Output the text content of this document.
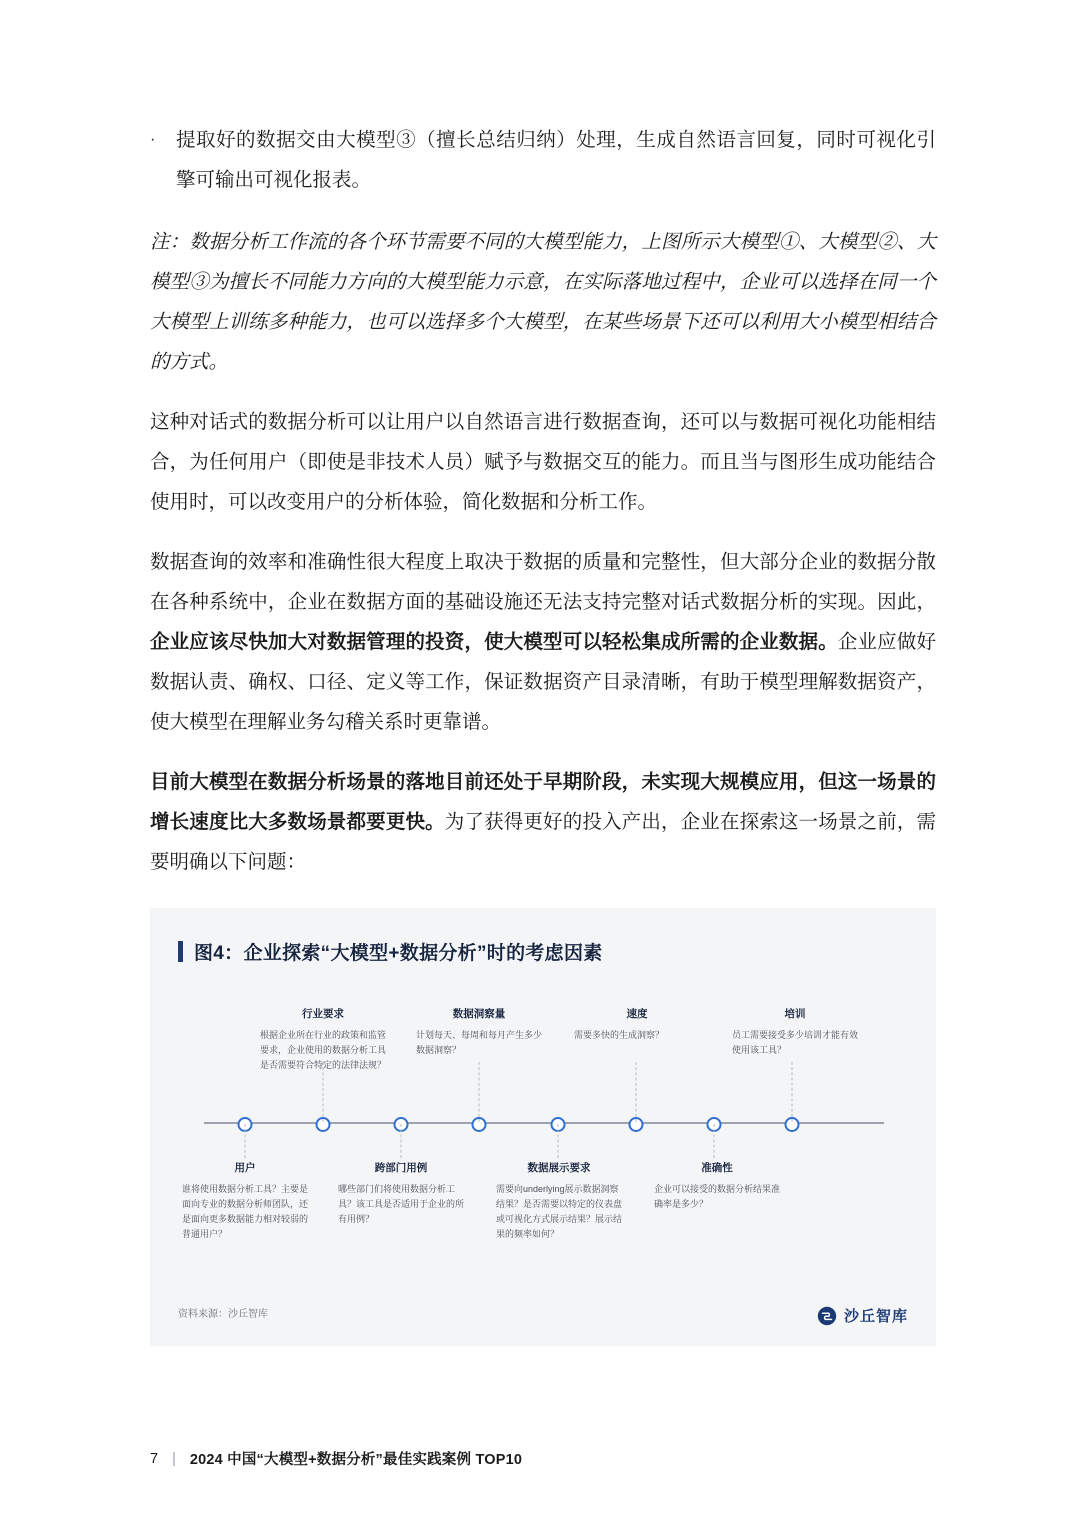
·	提取好的数据交由大模型③（擅长总结归纳）处理，生成自然语言回复，同时可视化引擎可输出可视化报表。
注：数据分析工作流的各个环节需要不同的大模型能力，上图所示大模型①、大模型②、大模型③为擅长不同能力方向的大模型能力示意，在实际落地过程中，企业可以选择在同一个大模型上训练多种能力，也可以选择多个大模型，在某些场景下还可以利用大小模型相结合的方式。

这种对话式的数据分析可以让用户以自然语言进行数据查询，还可以与数据可视化功能相结合，为任何用户（即使是非技术人员）赋予与数据交互的能力。而且当与图形生成功能结合使用时，可以改变用户的分析体验，简化数据和分析工作。

数据查询的效率和准确性很大程度上取决于数据的质量和完整性，但大部分企业的数据分散在各种系统中，企业在数据方面的基础设施还无法支持完整对话式数据分析的实现。因此，企业应该尽快加大对数据管理的投资，使大模型可以轻松集成所需的企业数据。企业应做好数据认责、确权、口径、定义等工作，保证数据资产目录清晰，有助于模型理解数据资产，使大模型在理解业务勾稽关系时更靠谱。

目前大模型在数据分析场景的落地目前还处于早期阶段，未实现大规模应用，但这一场景的增长速度比大多数场景都要更快。为了获得更好的投入产出，企业在探索这一场景之前，需要明确以下问题：

图4：企业探索“大模型+数据分析”时的考虑因素
行业要求
根据企业所在行业的政策和监管要求，企业使用的数据分析工具是否需要符合特定的法律法规？
数据洞察量
计划每天、每周和每月产生多少数据洞察？
速度
需要多快的生成洞察？
培训
员工需要接受多少培训才能有效使用该工具？
用户
谁将使用数据分析工具？主要是面向专业的数据分析师团队，还是面向更多数据能力相对较弱的普通用户？
跨部门用例
哪些部门们将使用数据分析工具？该工具是否适用于企业的所有用例？
数据展示要求
需要向underlying展示数据洞察结果？是否需要以特定的仪表盘或可视化方式展示结果？展示结果的频率如何？
准确性
企业可以接受的数据分析结果准确率是多少？
资料来源：沙丘智库	沙丘智库
7 | 2024 中国“大模型+数据分析”最佳实践案例 TOP10
